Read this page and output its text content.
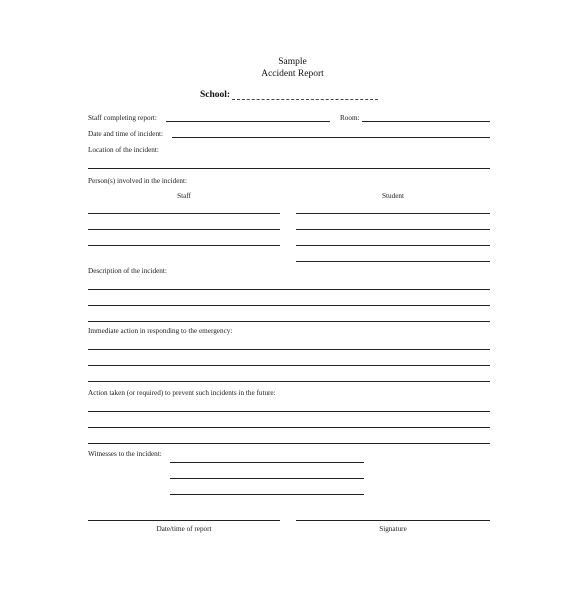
Sample
Accident Report
School:
Staff completing report:	Room:
Date and time of incident:
Location of the incident:
Person(s) involved in the incident:
Staff	Student
Description of the incident:
Immediate action in responding to the emergency:
Action taken (or required) to prevent such incidents in the future:
Witnesses to the incident:
Date/time of report	Signature
